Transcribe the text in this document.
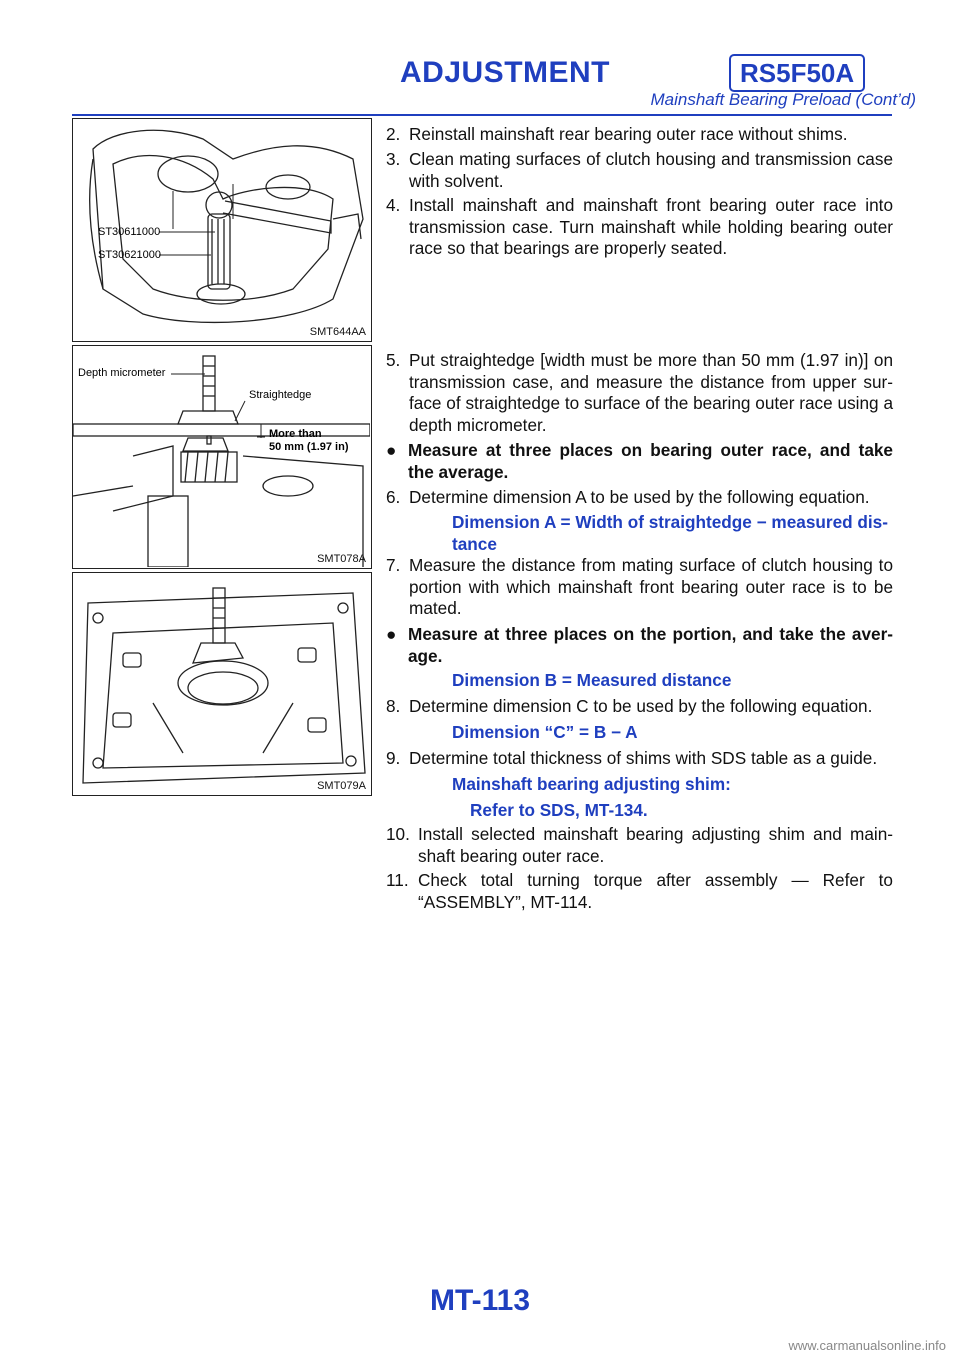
ADJUSTMENT	RS5F50A
Mainshaft Bearing Preload (Cont’d)
ST30611000
ST30621000
SMT644AA
Depth micrometer
Straightedge
More than
50 mm (1.97 in)
SMT078A
SMT079A
2. Reinstall mainshaft rear bearing outer race without shims.
3. Clean mating surfaces of clutch housing and transmission case with solvent.
4. Install mainshaft and mainshaft front bearing outer race into transmission case. Turn mainshaft while holding bearing outer race so that bearings are properly seated.
5. Put straightedge [width must be more than 50 mm (1.97 in)] on transmission case, and measure the distance from upper sur- face of straightedge to surface of the bearing outer race using a depth micrometer.
● Measure at three places on bearing outer race, and take the average.
6. Determine dimension A to be used by the following equation.
Dimension A = Width of straightedge − measured dis- tance
7. Measure the distance from mating surface of clutch housing to portion with which mainshaft front bearing outer race is to be mated.
● Measure at three places on the portion, and take the aver- age.
Dimension B = Measured distance
8. Determine dimension C to be used by the following equation.
Dimension “C” = B − A
9. Determine total thickness of shims with SDS table as a guide.
Mainshaft bearing adjusting shim:
Refer to SDS, MT-134.
10. Install selected mainshaft bearing adjusting shim and main- shaft bearing outer race.
11. Check total turning torque after assembly — Refer to “ASSEMBLY”, MT-114.
MT-113
www.carmanualsonline.info
